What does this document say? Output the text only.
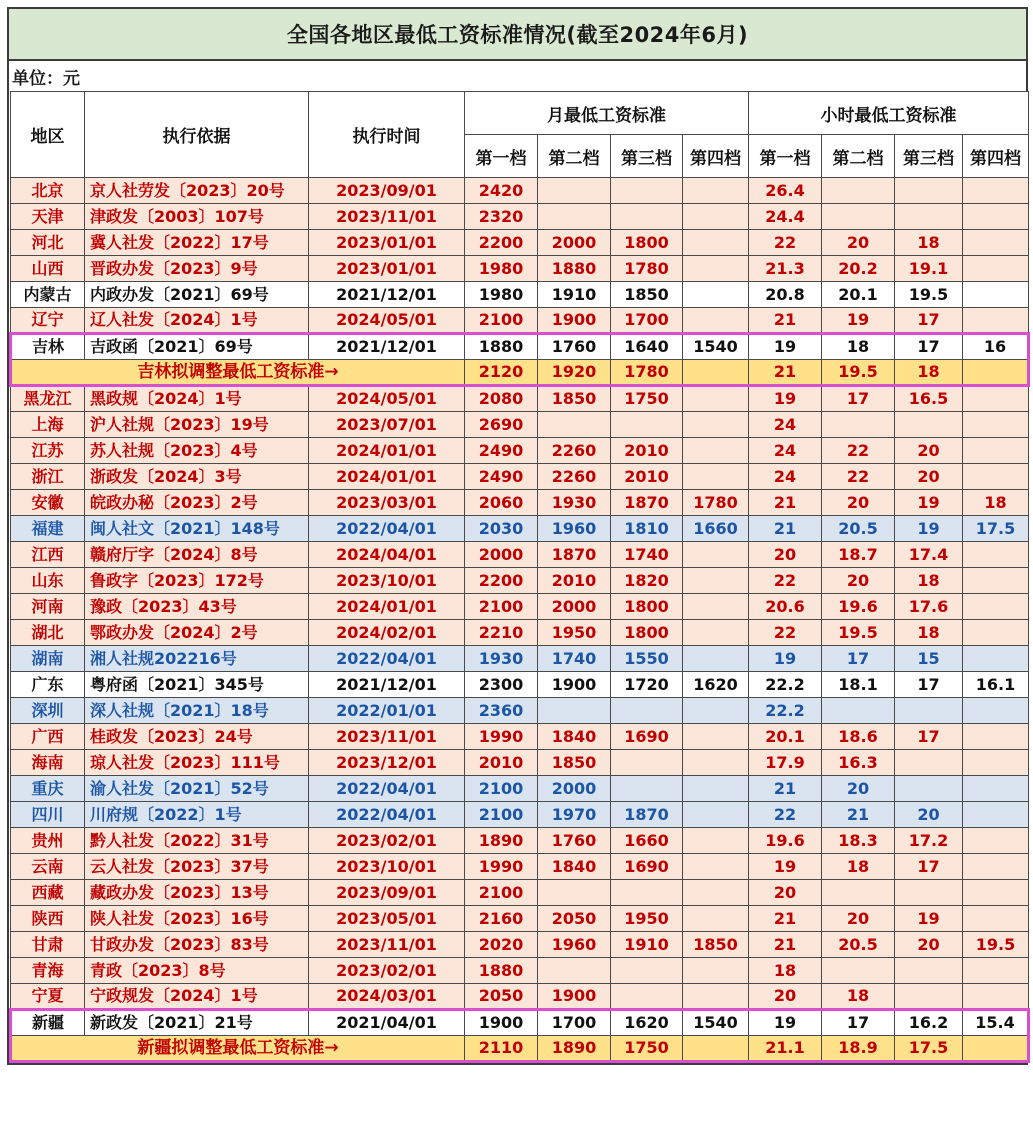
全国各地区最低工资标准情况(截至2024年6月)
单位：元
地区	执行依据	执行时间	月最低工资标准				小时最低工资标准			
			第一档	第二档	第三档	第四档	第一档	第二档	第三档	第四档
北京	京人社劳发〔2023〕20号	2023/09/01	2420				26.4			
天津	津政发〔2003〕107号	2023/11/01	2320				24.4			
河北	冀人社发〔2022〕17号	2023/01/01	2200	2000	1800		22	20	18	
山西	晋政办发〔2023〕9号	2023/01/01	1980	1880	1780		21.3	20.2	19.1	
内蒙古	内政办发〔2021〕69号	2021/12/01	1980	1910	1850		20.8	20.1	19.5	
辽宁	辽人社发〔2024〕1号	2024/05/01	2100	1900	1700		21	19	17	
吉林	吉政函〔2021〕69号	2021/12/01	1880	1760	1640	1540	19	18	17	16
吉林拟调整最低工资标准→			2120	1920	1780		21	19.5	18	
黑龙江	黑政规〔2024〕1号	2024/05/01	2080	1850	1750		19	17	16.5	
上海	沪人社规〔2023〕19号	2023/07/01	2690				24			
江苏	苏人社规〔2023〕4号	2024/01/01	2490	2260	2010		24	22	20	
浙江	浙政发〔2024〕3号	2024/01/01	2490	2260	2010		24	22	20	
安徽	皖政办秘〔2023〕2号	2023/03/01	2060	1930	1870	1780	21	20	19	18
福建	闽人社文〔2021〕148号	2022/04/01	2030	1960	1810	1660	21	20.5	19	17.5
江西	赣府厅字〔2024〕8号	2024/04/01	2000	1870	1740		20	18.7	17.4	
山东	鲁政字〔2023〕172号	2023/10/01	2200	2010	1820		22	20	18	
河南	豫政〔2023〕43号	2024/01/01	2100	2000	1800		20.6	19.6	17.6	
湖北	鄂政办发〔2024〕2号	2024/02/01	2210	1950	1800		22	19.5	18	
湖南	湘人社规202216号	2022/04/01	1930	1740	1550		19	17	15	
广东	粤府函〔2021〕345号	2021/12/01	2300	1900	1720	1620	22.2	18.1	17	16.1
深圳	深人社规〔2021〕18号	2022/01/01	2360				22.2			
广西	桂政发〔2023〕24号	2023/11/01	1990	1840	1690		20.1	18.6	17	
海南	琼人社发〔2023〕111号	2023/12/01	2010	1850			17.9	16.3		
重庆	渝人社发〔2021〕52号	2022/04/01	2100	2000			21	20		
四川	川府规〔2022〕1号	2022/04/01	2100	1970	1870		22	21	20	
贵州	黔人社发〔2022〕31号	2023/02/01	1890	1760	1660		19.6	18.3	17.2	
云南	云人社发〔2023〕37号	2023/10/01	1990	1840	1690		19	18	17	
西藏	藏政办发〔2023〕13号	2023/09/01	2100				20			
陕西	陕人社发〔2023〕16号	2023/05/01	2160	2050	1950		21	20	19	
甘肃	甘政办发〔2023〕83号	2023/11/01	2020	1960	1910	1850	21	20.5	20	19.5
青海	青政〔2023〕8号	2023/02/01	1880				18			
宁夏	宁政规发〔2024〕1号	2024/03/01	2050	1900			20	18		
新疆	新政发〔2021〕21号	2021/04/01	1900	1700	1620	1540	19	17	16.2	15.4
新疆拟调整最低工资标准→			2110	1890	1750		21.1	18.9	17.5	
